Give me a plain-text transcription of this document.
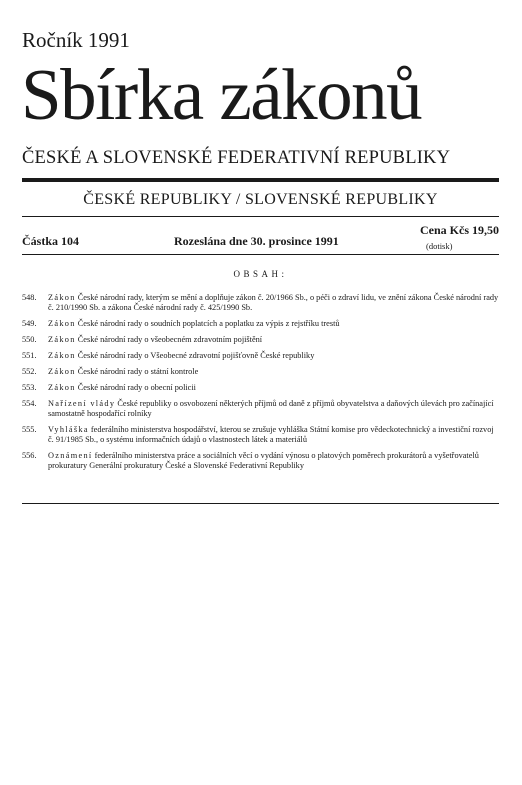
Ročník 1991
Sbírka zákonů
ČESKÉ A SLOVENSKÉ FEDERATIVNÍ REPUBLIKY
ČESKÉ REPUBLIKY / SLOVENSKÉ REPUBLIKY
Částka 104	Rozeslána dne 30. prosince 1991
Cena Kčs 19,50
(dotisk)
OBSAH:
548. Zákon České národní rady, kterým se mění a doplňuje zákon č. 20/1966 Sb., o péči o zdraví lidu, ve znění zákona České národní rady č. 210/1990 Sb. a zákona České národní rady č. 425/1990 Sb.
549. Zákon České národní rady o soudních poplatcích a poplatku za výpis z rejstříku trestů
550. Zákon České národní rady o všeobecném zdravotním pojištění
551. Zákon České národní rady o Všeobecné zdravotní pojišťovně České republiky
552. Zákon České národní rady o státní kontrole
553. Zákon České národní rady o obecní policii
554. Nařízení vlády České republiky o osvobození některých příjmů od daně z příjmů obyvatelstva a daňových úlevách pro začínající samostatně hospodařící rolníky
555. Vyhláška federálního ministerstva hospodářství, kterou se zrušuje vyhláška Státní komise pro vědeckotechnický a investiční rozvoj č. 91/1985 Sb., o systému informačních údajů o vlastnostech látek a materiálů
556. Oznámení federálního ministerstva práce a sociálních věcí o vydání výnosu o platových poměrech prokurátorů a vyšetřovatelů prokuratury Generální prokuratury České a Slovenské Federativní Republiky
